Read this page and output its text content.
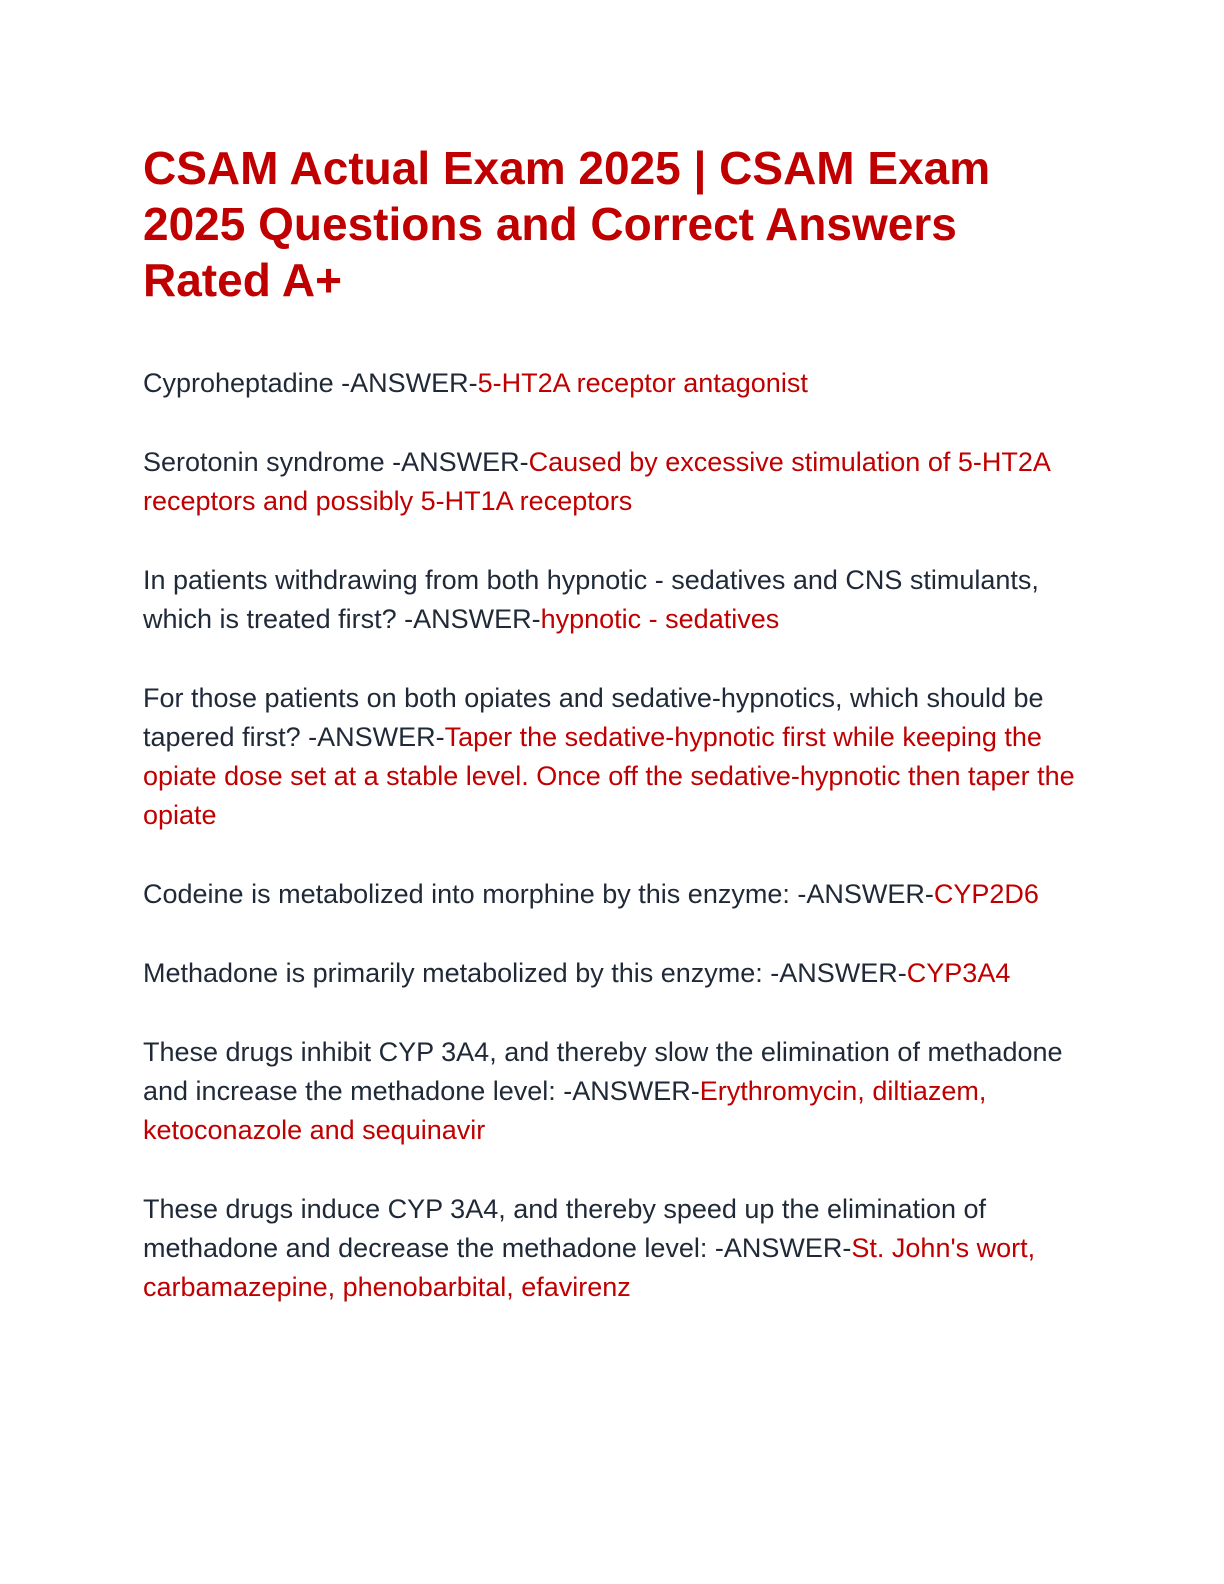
CSAM Actual Exam 2025 | CSAM Exam 2025 Questions and Correct Answers Rated A+

Cyproheptadine -ANSWER-5-HT2A receptor antagonist

Serotonin syndrome -ANSWER-Caused by excessive stimulation of 5-HT2A receptors and possibly 5-HT1A receptors

In patients withdrawing from both hypnotic - sedatives and CNS stimulants, which is treated first? -ANSWER-hypnotic - sedatives

For those patients on both opiates and sedative-hypnotics, which should be tapered first? -ANSWER-Taper the sedative-hypnotic first while keeping the opiate dose set at a stable level. Once off the sedative-hypnotic then taper the opiate

Codeine is metabolized into morphine by this enzyme: -ANSWER-CYP2D6

Methadone is primarily metabolized by this enzyme: -ANSWER-CYP3A4

These drugs inhibit CYP 3A4, and thereby slow the elimination of methadone and increase the methadone level: -ANSWER-Erythromycin, diltiazem, ketoconazole and sequinavir

These drugs induce CYP 3A4, and thereby speed up the elimination of methadone and decrease the methadone level: -ANSWER-St. John's wort, carbamazepine, phenobarbital, efavirenz
